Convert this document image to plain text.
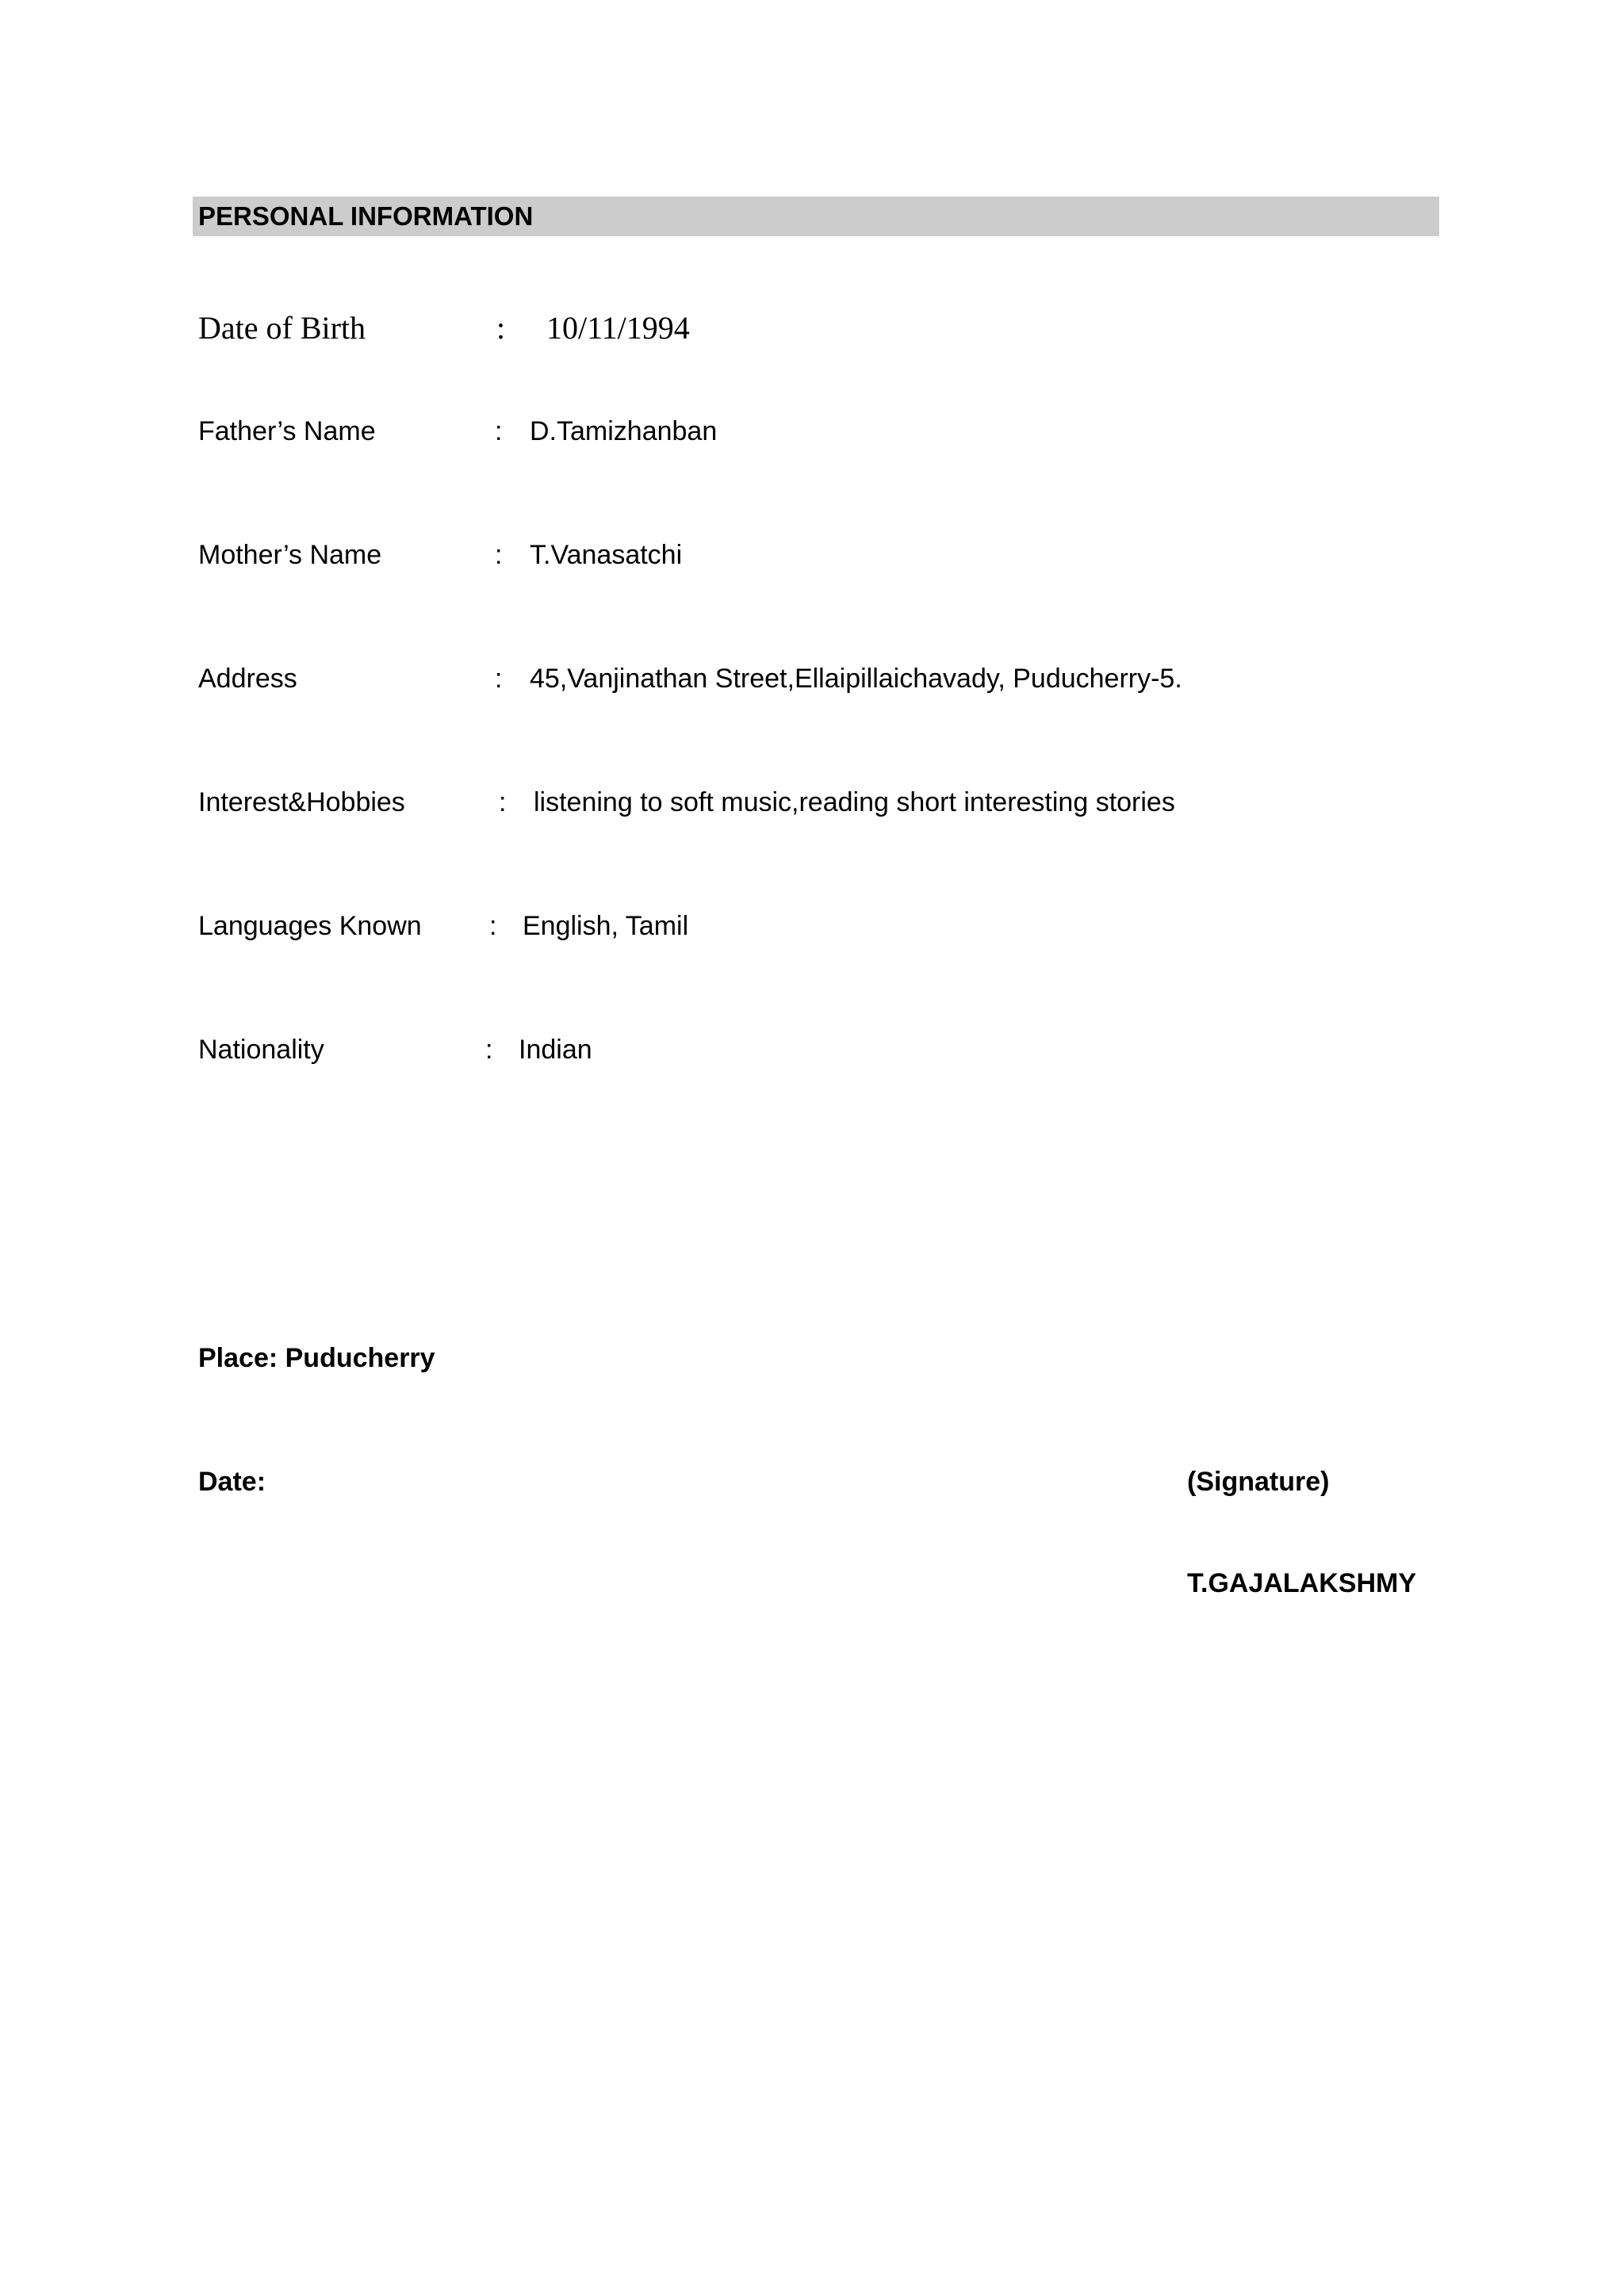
PERSONAL INFORMATION
Date of Birth	: 10/11/1994
Father’s Name	: D.Tamizhanban
Mother’s Name	: T.Vanasatchi
Address	: 45,Vanjinathan Street,Ellaipillaichavady, Puducherry-5.
Interest&Hobbies	: listening to soft music,reading short interesting stories
Languages Known	: English, Tamil
Nationality	: Indian
Place: Puducherry
Date:	(Signature)
T.GAJALAKSHMY
